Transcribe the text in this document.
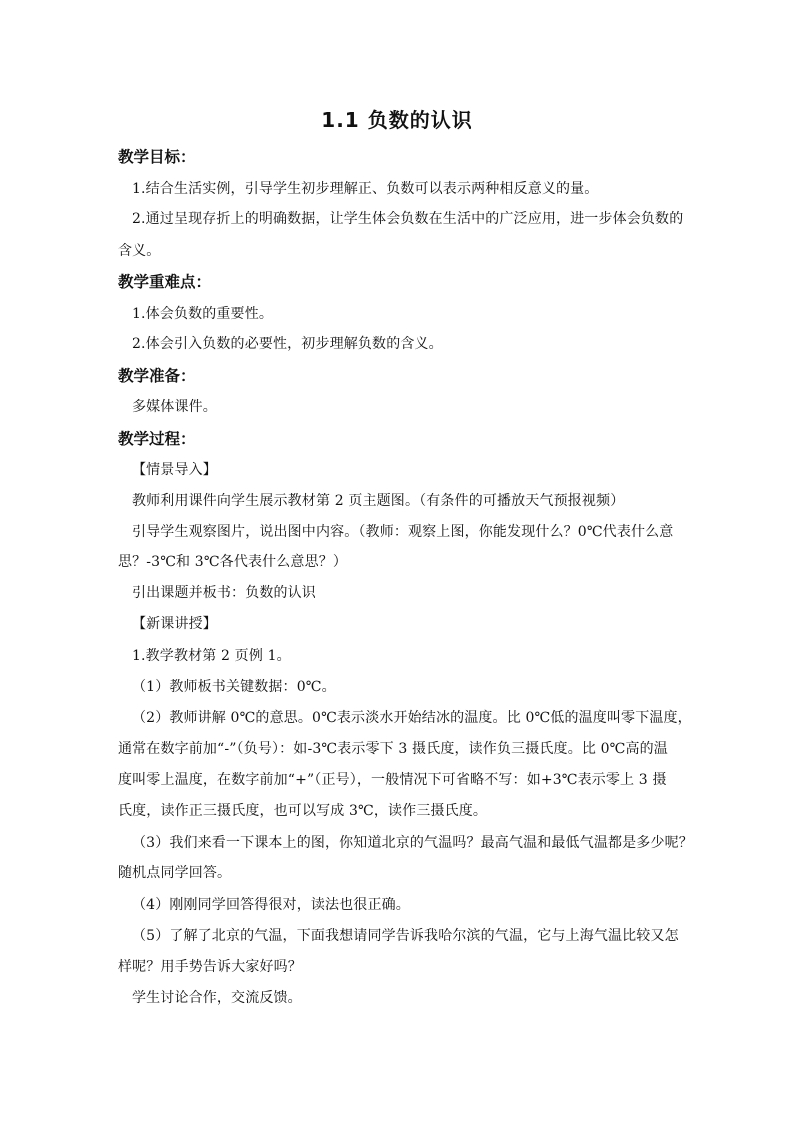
1.1 负数的认识
教学目标：
1.结合生活实例，引导学生初步理解正、负数可以表示两种相反意义的量。
2.通过呈现存折上的明确数据，让学生体会负数在生活中的广泛应用，进一步体会负数的
含义。
教学重难点：
1.体会负数的重要性。
2.体会引入负数的必要性，初步理解负数的含义。
教学准备：
多媒体课件。
教学过程：
【情景导入】
教师利用课件向学生展示教材第 2 页主题图。（有条件的可播放天气预报视频）
引导学生观察图片，说出图中内容。（教师：观察上图，你能发现什么？0℃代表什么意
思？-3℃和 3℃各代表什么意思？）
引出课题并板书：负数的认识
【新课讲授】
1.教学教材第 2 页例 1。
（1）教师板书关键数据：0℃。
（2）教师讲解 0℃的意思。0℃表示淡水开始结冰的温度。比 0℃低的温度叫零下温度，
通常在数字前加“-”（负号）：如-3℃表示零下 3 摄氏度，读作负三摄氏度。比 0℃高的温
度叫零上温度，在数字前加“+”（正号），一般情况下可省略不写：如+3℃表示零上 3 摄
氏度，读作正三摄氏度，也可以写成 3℃，读作三摄氏度。
（3）我们来看一下课本上的图，你知道北京的气温吗？最高气温和最低气温都是多少呢？
随机点同学回答。
（4）刚刚同学回答得很对，读法也很正确。
（5）了解了北京的气温，下面我想请同学告诉我哈尔滨的气温，它与上海气温比较又怎
样呢？用手势告诉大家好吗？
学生讨论合作，交流反馈。
